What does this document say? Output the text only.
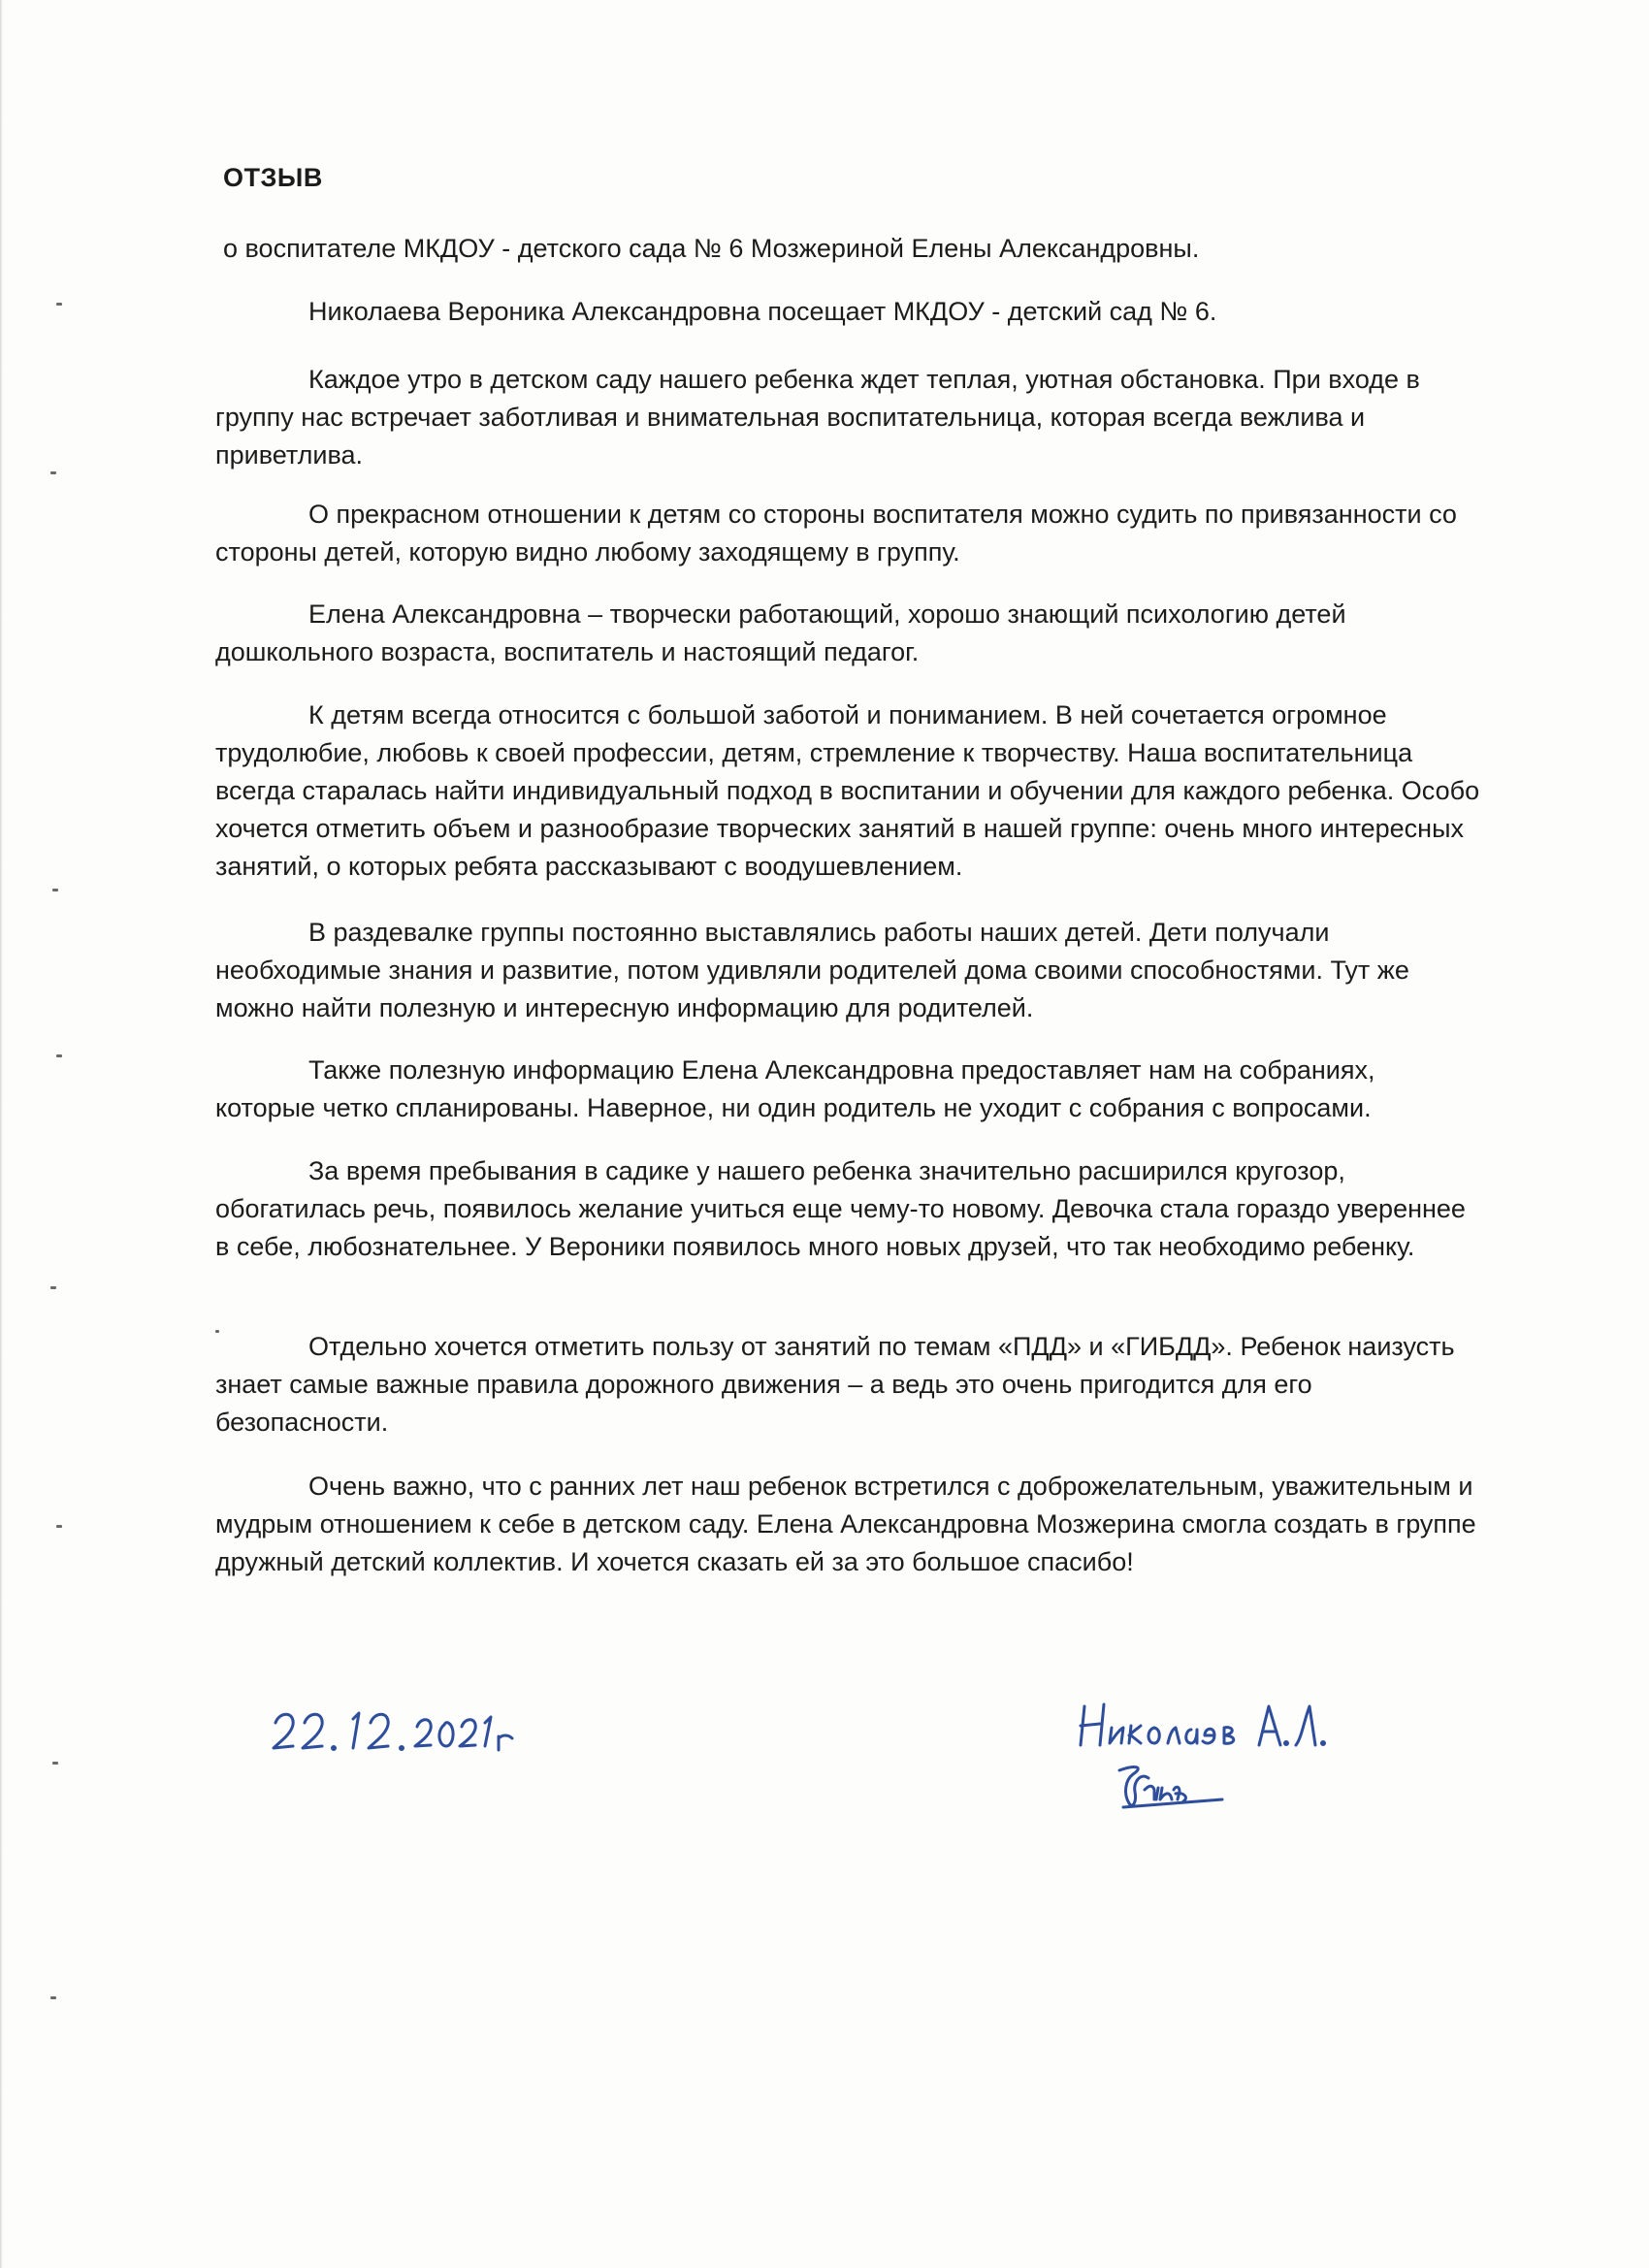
ОТЗЫВ
о воспитателе МКДОУ - детского сада № 6 Мозжериной Елены Александровны.

Николаева Вероника Александровна посещает МКДОУ - детский сад № 6.

Каждое утро в детском саду нашего ребенка ждет теплая, уютная обстановка. При входе в группу нас встречает заботливая и внимательная воспитательница, которая всегда вежлива и приветлива.

О прекрасном отношении к детям со стороны воспитателя можно судить по привязанности со стороны детей, которую видно любому заходящему в группу.

Елена Александровна – творчески работающий, хорошо знающий психологию детей дошкольного возраста, воспитатель и настоящий педагог.

К детям всегда относится с большой заботой и пониманием. В ней сочетается огромное трудолюбие, любовь к своей профессии, детям, стремление к творчеству. Наша воспитательница всегда старалась найти индивидуальный подход в воспитании и обучении для каждого ребенка. Особо хочется отметить объем и разнообразие творческих занятий в нашей группе: очень много интересных занятий, о которых ребята рассказывают с воодушевлением.

В раздевалке группы постоянно выставлялись работы наших детей. Дети получали необходимые знания и развитие, потом удивляли родителей дома своими способностями. Тут же можно найти полезную и интересную информацию для родителей.

Также полезную информацию Елена Александровна предоставляет нам на собраниях, которые четко спланированы. Наверное, ни один родитель не уходит с собрания с вопросами.

За время пребывания в садике у нашего ребенка значительно расширился кругозор, обогатилась речь, появилось желание учиться еще чему-то новому. Девочка стала гораздо увереннее в себе, любознательнее. У Вероники появилось много новых друзей, что так необходимо ребенку.

Отдельно хочется отметить пользу от занятий по темам «ПДД» и «ГИБДД». Ребенок наизусть знает самые важные правила дорожного движения – а ведь это очень пригодится для его безопасности.

Очень важно, что с ранних лет наш ребенок встретился с доброжелательным, уважительным и мудрым отношением к себе в детском саду. Елена Александровна Мозжерина смогла создать в группе дружный детский коллектив. И хочется сказать ей за это большое спасибо!
